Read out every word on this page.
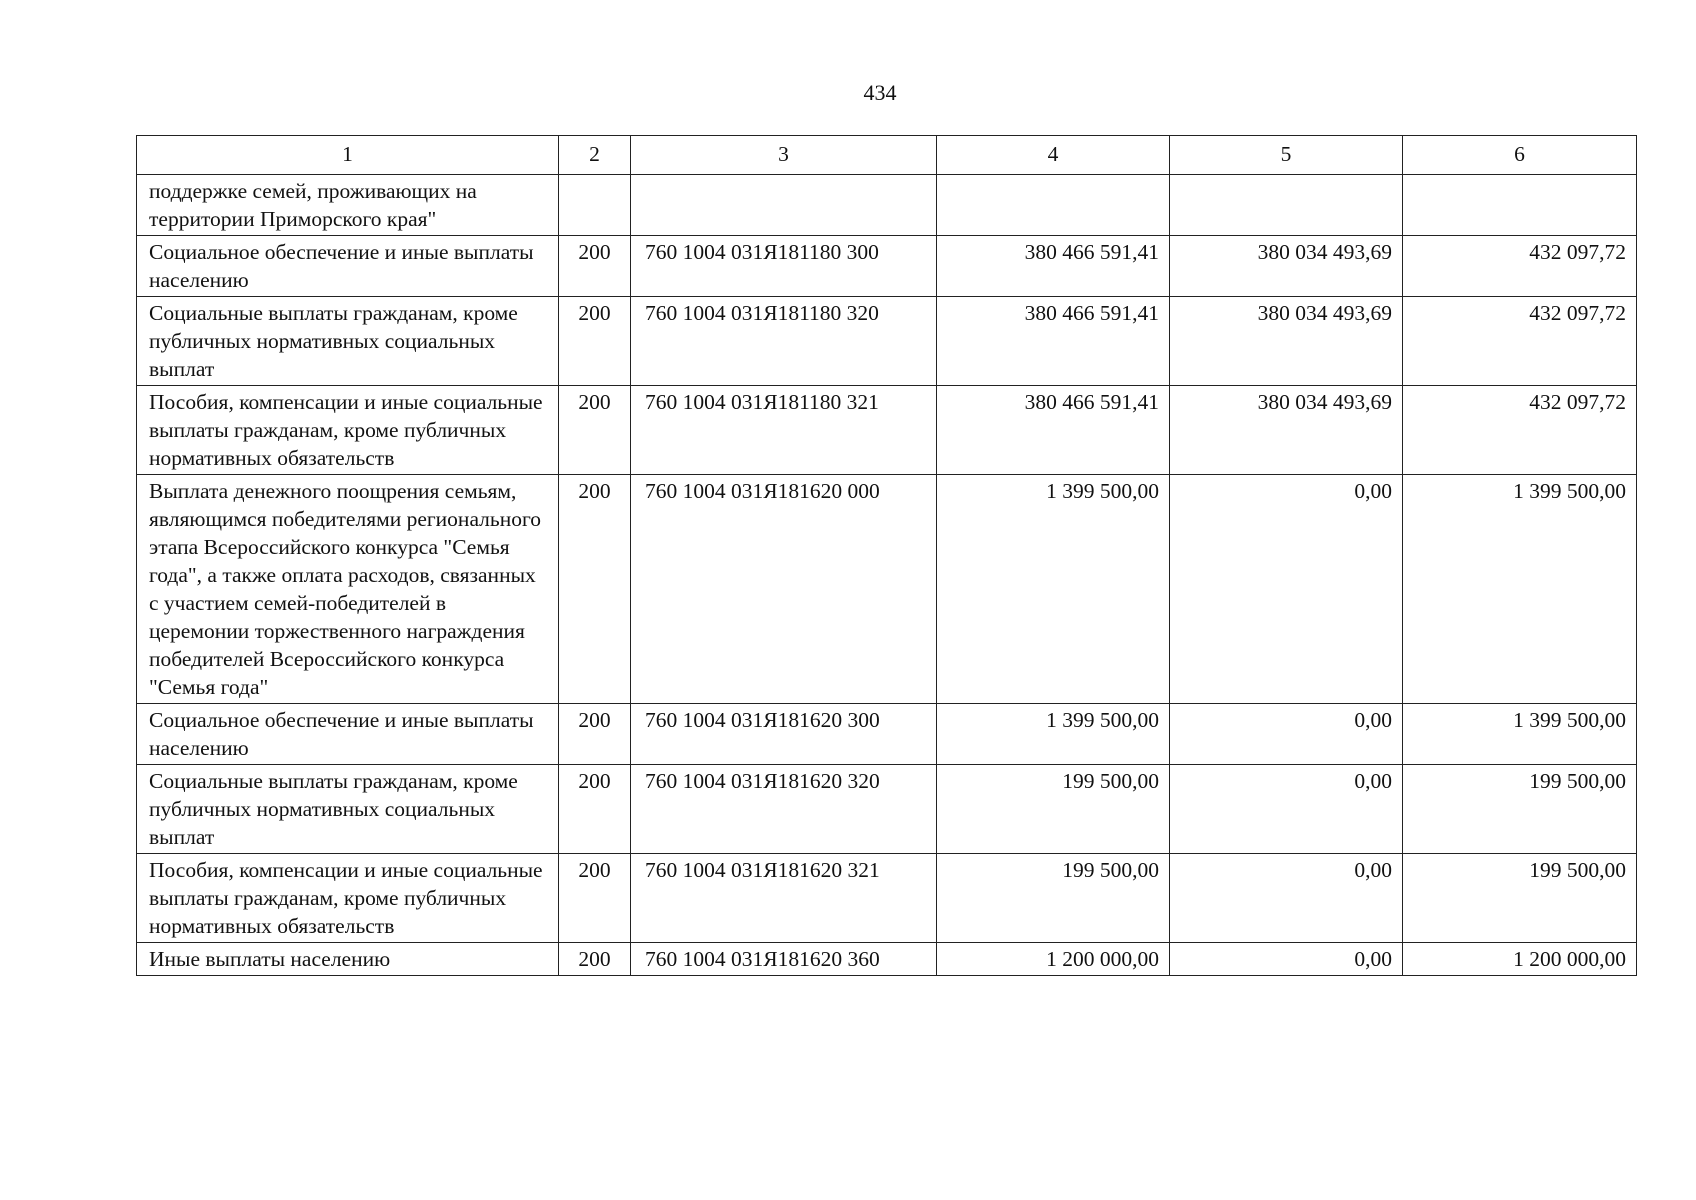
434
1	2	3	4	5	6
поддержке семей, проживающих на территории Приморского края"					
Социальное обеспечение и иные выплаты населению	200	760 1004 031Я181180 300	380 466 591,41	380 034 493,69	432 097,72
Социальные выплаты гражданам, кроме публичных нормативных социальных выплат	200	760 1004 031Я181180 320	380 466 591,41	380 034 493,69	432 097,72
Пособия, компенсации и иные социальные выплаты гражданам, кроме публичных нормативных обязательств	200	760 1004 031Я181180 321	380 466 591,41	380 034 493,69	432 097,72
Выплата денежного поощрения семьям, являющимся победителями регионального этапа Всероссийского конкурса "Семья года", а также оплата расходов, связанных с участием семей-победителей в церемонии торжественного награждения победителей Всероссийского конкурса "Семья года"	200	760 1004 031Я181620 000	1 399 500,00	0,00	1 399 500,00
Социальное обеспечение и иные выплаты населению	200	760 1004 031Я181620 300	1 399 500,00	0,00	1 399 500,00
Социальные выплаты гражданам, кроме публичных нормативных социальных выплат	200	760 1004 031Я181620 320	199 500,00	0,00	199 500,00
Пособия, компенсации и иные социальные выплаты гражданам, кроме публичных нормативных обязательств	200	760 1004 031Я181620 321	199 500,00	0,00	199 500,00
Иные выплаты населению	200	760 1004 031Я181620 360	1 200 000,00	0,00	1 200 000,00
